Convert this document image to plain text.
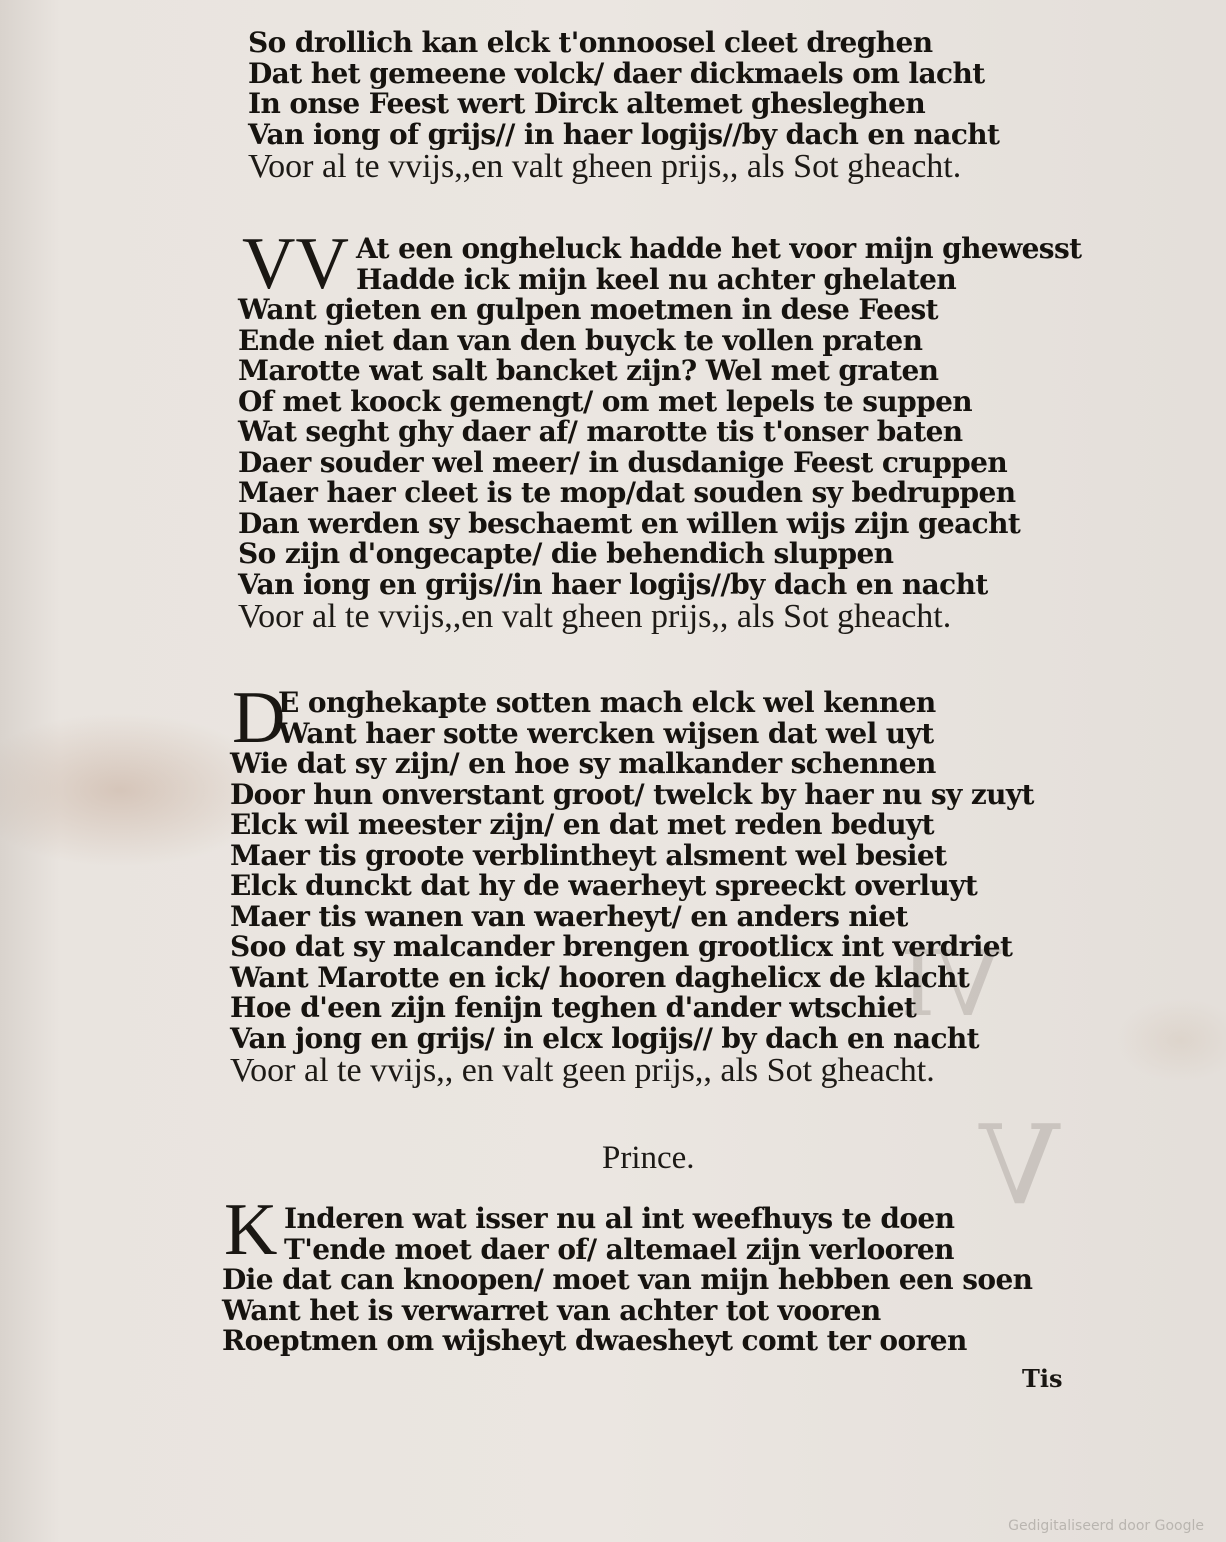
V
VI
So drollich kan elck t'onnoosel cleet dreghen
Dat het gemeene volck/ daer dickmaels om lacht
In onse Feest wert Dirck altemet ghesleghen
Van iong of grijs// in haer logijs//by dach en nacht
Voor al te vvijs,,en valt gheen prijs,, als Sot gheacht.
VV At een ongheluck hadde het voor mijn ghewesst
Hadde ick mijn keel nu achter ghelaten
Want gieten en gulpen moetmen in dese Feest
Ende niet dan van den buyck te vollen praten
Marotte wat salt bancket zijn? Wel met graten
Of met koock gemengt/ om met lepels te suppen
Wat seght ghy daer af/ marotte tis t'onser baten
Daer souder wel meer/ in dusdanige Feest cruppen
Maer haer cleet is te mop/dat souden sy bedruppen
Dan werden sy beschaemt en willen wijs zijn geacht
So zijn d'ongecapte/ die behendich sluppen
Van iong en grijs//in haer logijs//by dach en nacht
Voor al te vvijs,,en valt gheen prijs,, als Sot gheacht.
D
E onghekapte sotten mach elck wel kennen
Want haer sotte wercken wijsen dat wel uyt
Wie dat sy zijn/ en hoe sy malkander schennen
Door hun onverstant groot/ twelck by haer nu sy zuyt
Elck wil meester zijn/ en dat met reden beduyt
Maer tis groote verblintheyt alsment wel besiet
Elck dunckt dat hy de waerheyt spreeckt overluyt
Maer tis wanen van waerheyt/ en anders niet
Soo dat sy malcander brengen grootlicx int verdriet
Want Marotte en ick/ hooren daghelicx de klacht
Hoe d'een zijn fenijn teghen d'ander wtschiet
Van jong en grijs/ in elcx logijs// by dach en nacht
Voor al te vvijs,, en valt geen prijs,, als Sot gheacht.
Prince.
K Inderen wat isser nu al int weefhuys te doen
T'ende moet daer of/ altemael zijn verlooren
Die dat can knoopen/ moet van mijn hebben een soen
Want het is verwarret van achter tot vooren
Roeptmen om wijsheyt dwaesheyt comt ter ooren
Tis
Gedigitaliseerd door Google
